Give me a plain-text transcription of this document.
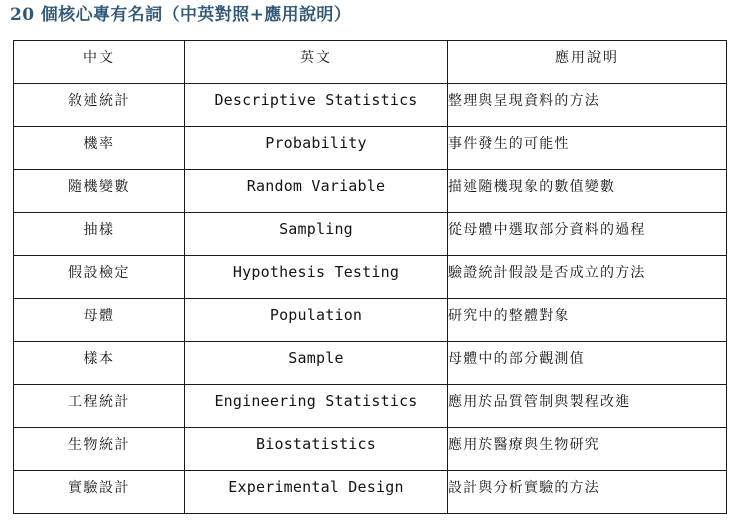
20 個核心專有名詞（中英對照+應用說明）
中文	英文	應用說明
敘述統計	Descriptive Statistics	整理與呈現資料的方法
機率	Probability	事件發生的可能性
隨機變數	Random Variable	描述隨機現象的數值變數
抽樣	Sampling	從母體中選取部分資料的過程
假設檢定	Hypothesis Testing	驗證統計假設是否成立的方法
母體	Population	研究中的整體對象
樣本	Sample	母體中的部分觀測值
工程統計	Engineering Statistics	應用於品質管制與製程改進
生物統計	Biostatistics	應用於醫療與生物研究
實驗設計	Experimental Design	設計與分析實驗的方法
